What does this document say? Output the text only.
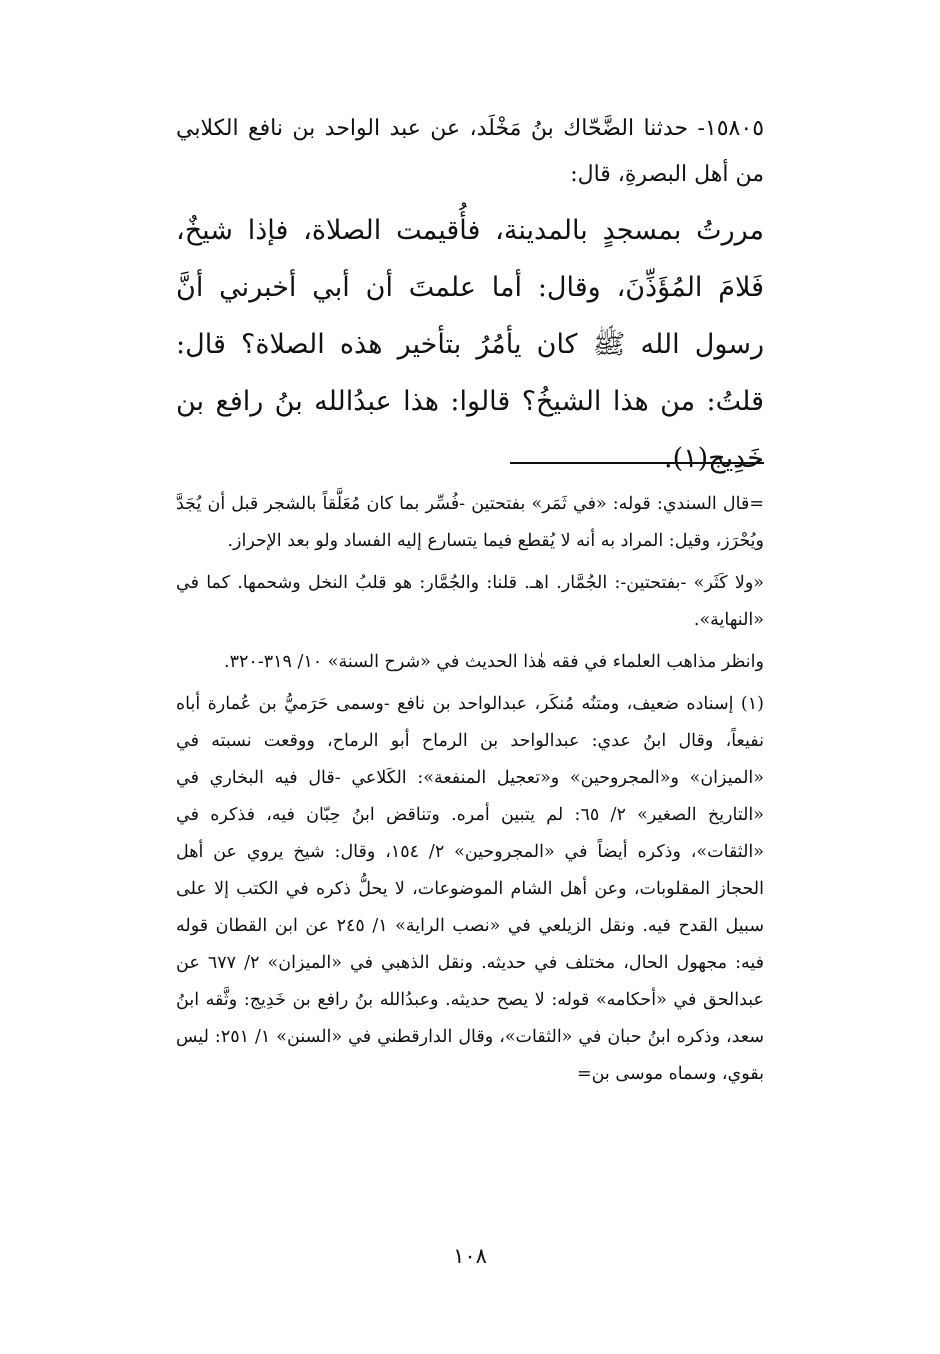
١٥٨٠٥- حدثنا الضَّحّاك بنُ مَخْلَد، عن عبد الواحد بن نافع الكلابي من أهل البصرةِ، قال:
مررتُ بمسجدٍ بالمدينة، فأُقيمت الصلاة، فإذا شيخٌ، فَلامَ المُؤَذِّنَ، وقال: أما علمتَ أن أبي أخبرني أنَّ رسول الله ﷺ كان يأمُرُ بتأخير هذه الصلاة؟ قال: قلتُ: من هذا الشيخُ؟ قالوا: هذا عبدُالله بنُ رافع بن خَدِيج(١).

=قال السندي: قوله: «في ثَمَر» بفتحتين -فُسِّر بما كان مُعَلَّقاً بالشجر قبل أن يُجَدَّ ويُحْرَز، وقيل: المراد به أنه لا يُقطع فيما يتسارع إليه الفساد ولو بعد الإحراز.

«ولا كَثَر» -بفتحتين-: الجُمَّار. اهـ. قلنا: والجُمَّار: هو قلبُ النخل وشحمها. كما في «النهاية».

وانظر مذاهب العلماء في فقه هٰذا الحديث في «شرح السنة» ١٠/ ٣١٩-٣٢٠.

(١) إسناده ضعيف، ومتنُه مُنكَر، عبدالواحد بن نافع -وسمى حَرَميُّ بن عُمارة أباه نفيعاً، وقال ابنُ عدي: عبدالواحد بن الرماح أبو الرماح، ووقعت نسبته في «الميزان» و«المجروحين» و«تعجيل المنفعة»: الكَلاعي -قال فيه البخاري في «التاريخ الصغير» ٢/ ٦٥: لم يتبين أمره. وتناقض ابنُ حِبّان فيه، فذكره في «الثقات»، وذكره أيضاً في «المجروحين» ٢/ ١٥٤، وقال: شيخ يروي عن أهل الحجاز المقلوبات، وعن أهل الشام الموضوعات، لا يحلُّ ذكره في الكتب إلا على سبيل القدح فيه. ونقل الزيلعي في «نصب الراية» ١/ ٢٤٥ عن ابن القطان قوله فيه: مجهول الحال، مختلف في حديثه. ونقل الذهبي في «الميزان» ٢/ ٦٧٧ عن عبدالحق في «أحكامه» قوله: لا يصح حديثه. وعبدُالله بنُ رافع بن خَدِيج: وثَّقه ابنُ سعد، وذكره ابنُ حبان في «الثقات»، وقال الدارقطني في «السنن» ١/ ٢٥١: ليس بقوي، وسماه موسى بن=

١٠٨
